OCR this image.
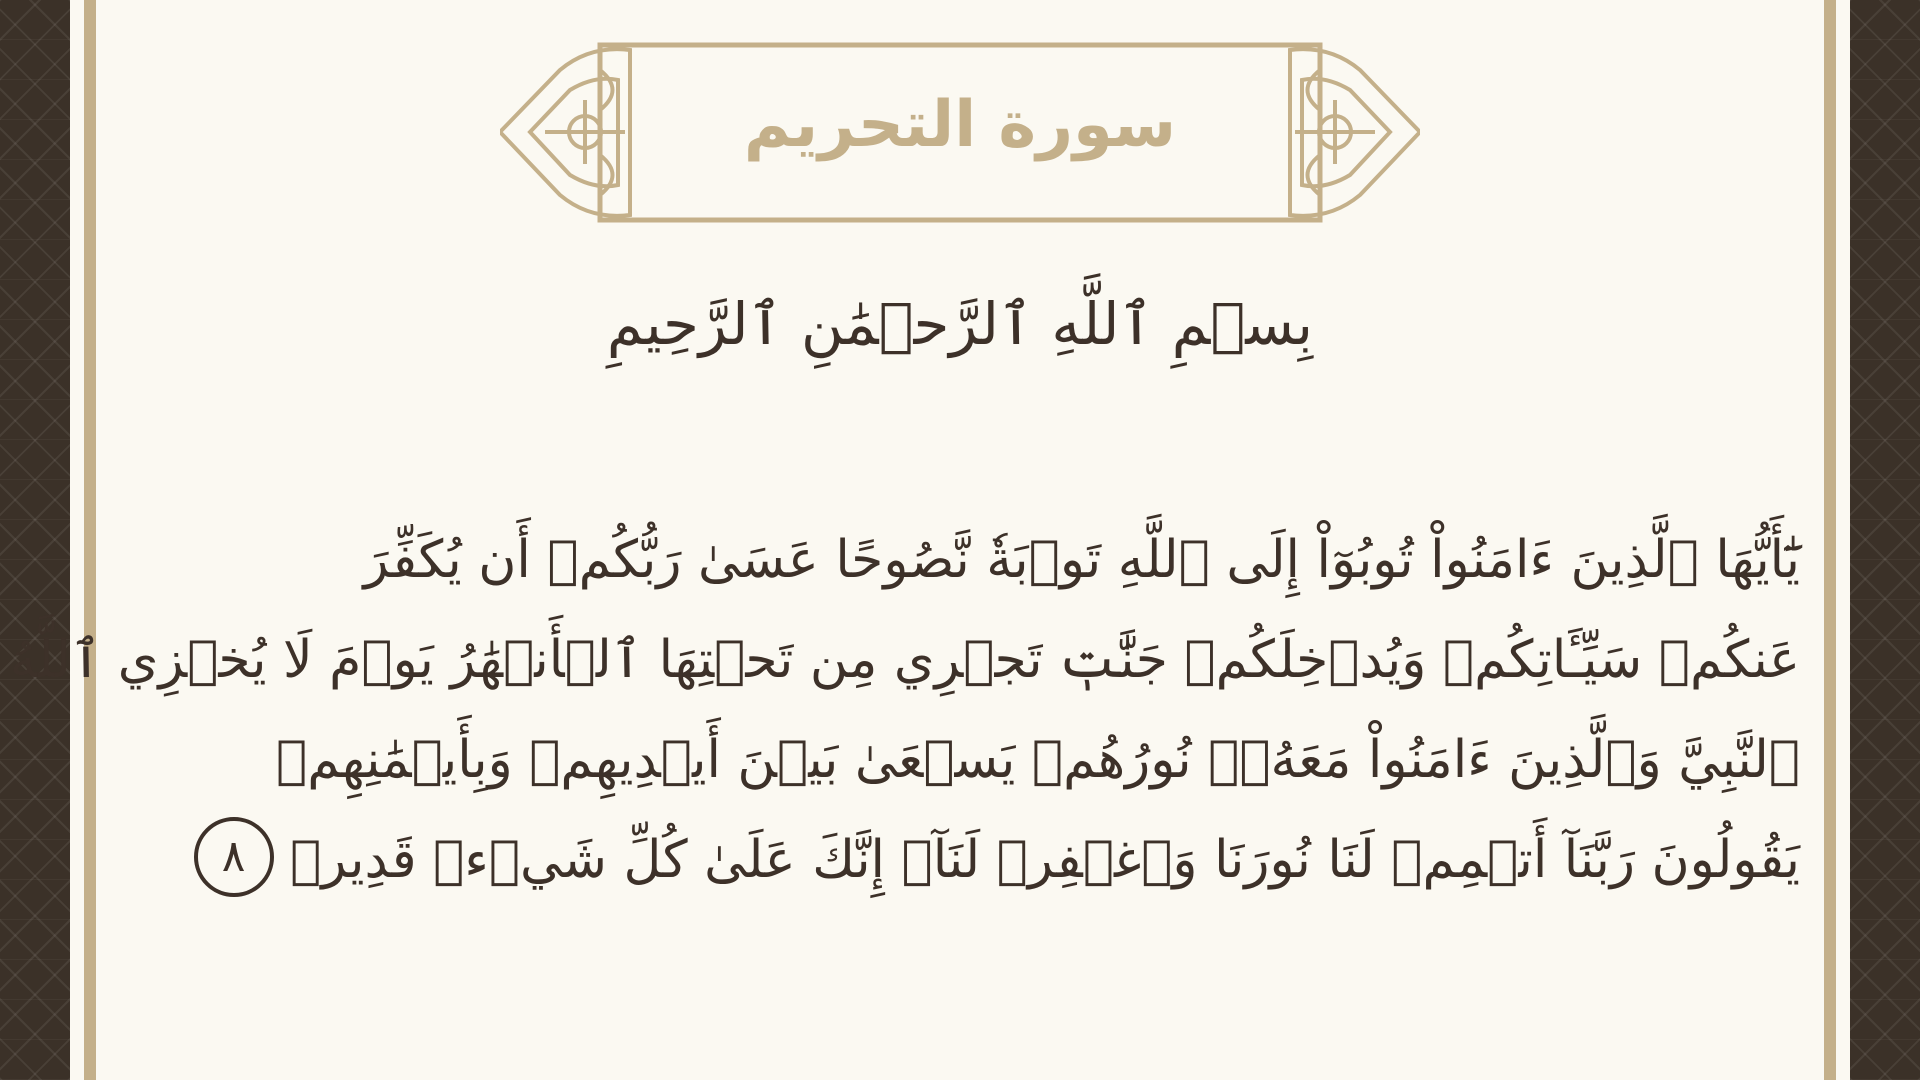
سورة التحريم
بِسۡمِ ٱللَّهِ ٱلرَّحۡمَٰنِ ٱلرَّحِيمِ
يَٰٓأَيُّهَا ٱلَّذِينَ ءَامَنُواْ تُوبُوٓاْ إِلَى ٱللَّهِ تَوۡبَةٗ نَّصُوحًا عَسَىٰ رَبُّكُمۡ أَن يُكَفِّرَ
عَنكُمۡ سَيِّـَٔاتِكُمۡ وَيُدۡخِلَكُمۡ جَنَّٰتٖ تَجۡرِي مِن تَحۡتِهَا ٱلۡأَنۡهَٰرُ يَوۡمَ لَا يُخۡزِي ٱللَّهُ
ٱلنَّبِيَّ وَٱلَّذِينَ ءَامَنُواْ مَعَهُۥۖ نُورُهُمۡ يَسۡعَىٰ بَيۡنَ أَيۡدِيهِمۡ وَبِأَيۡمَٰنِهِمۡ
يَقُولُونَ رَبَّنَآ أَتۡمِمۡ لَنَا نُورَنَا وَٱغۡفِرۡ لَنَآۖ إِنَّكَ عَلَىٰ كُلِّ شَيۡءٖ قَدِيرٞ ٨
